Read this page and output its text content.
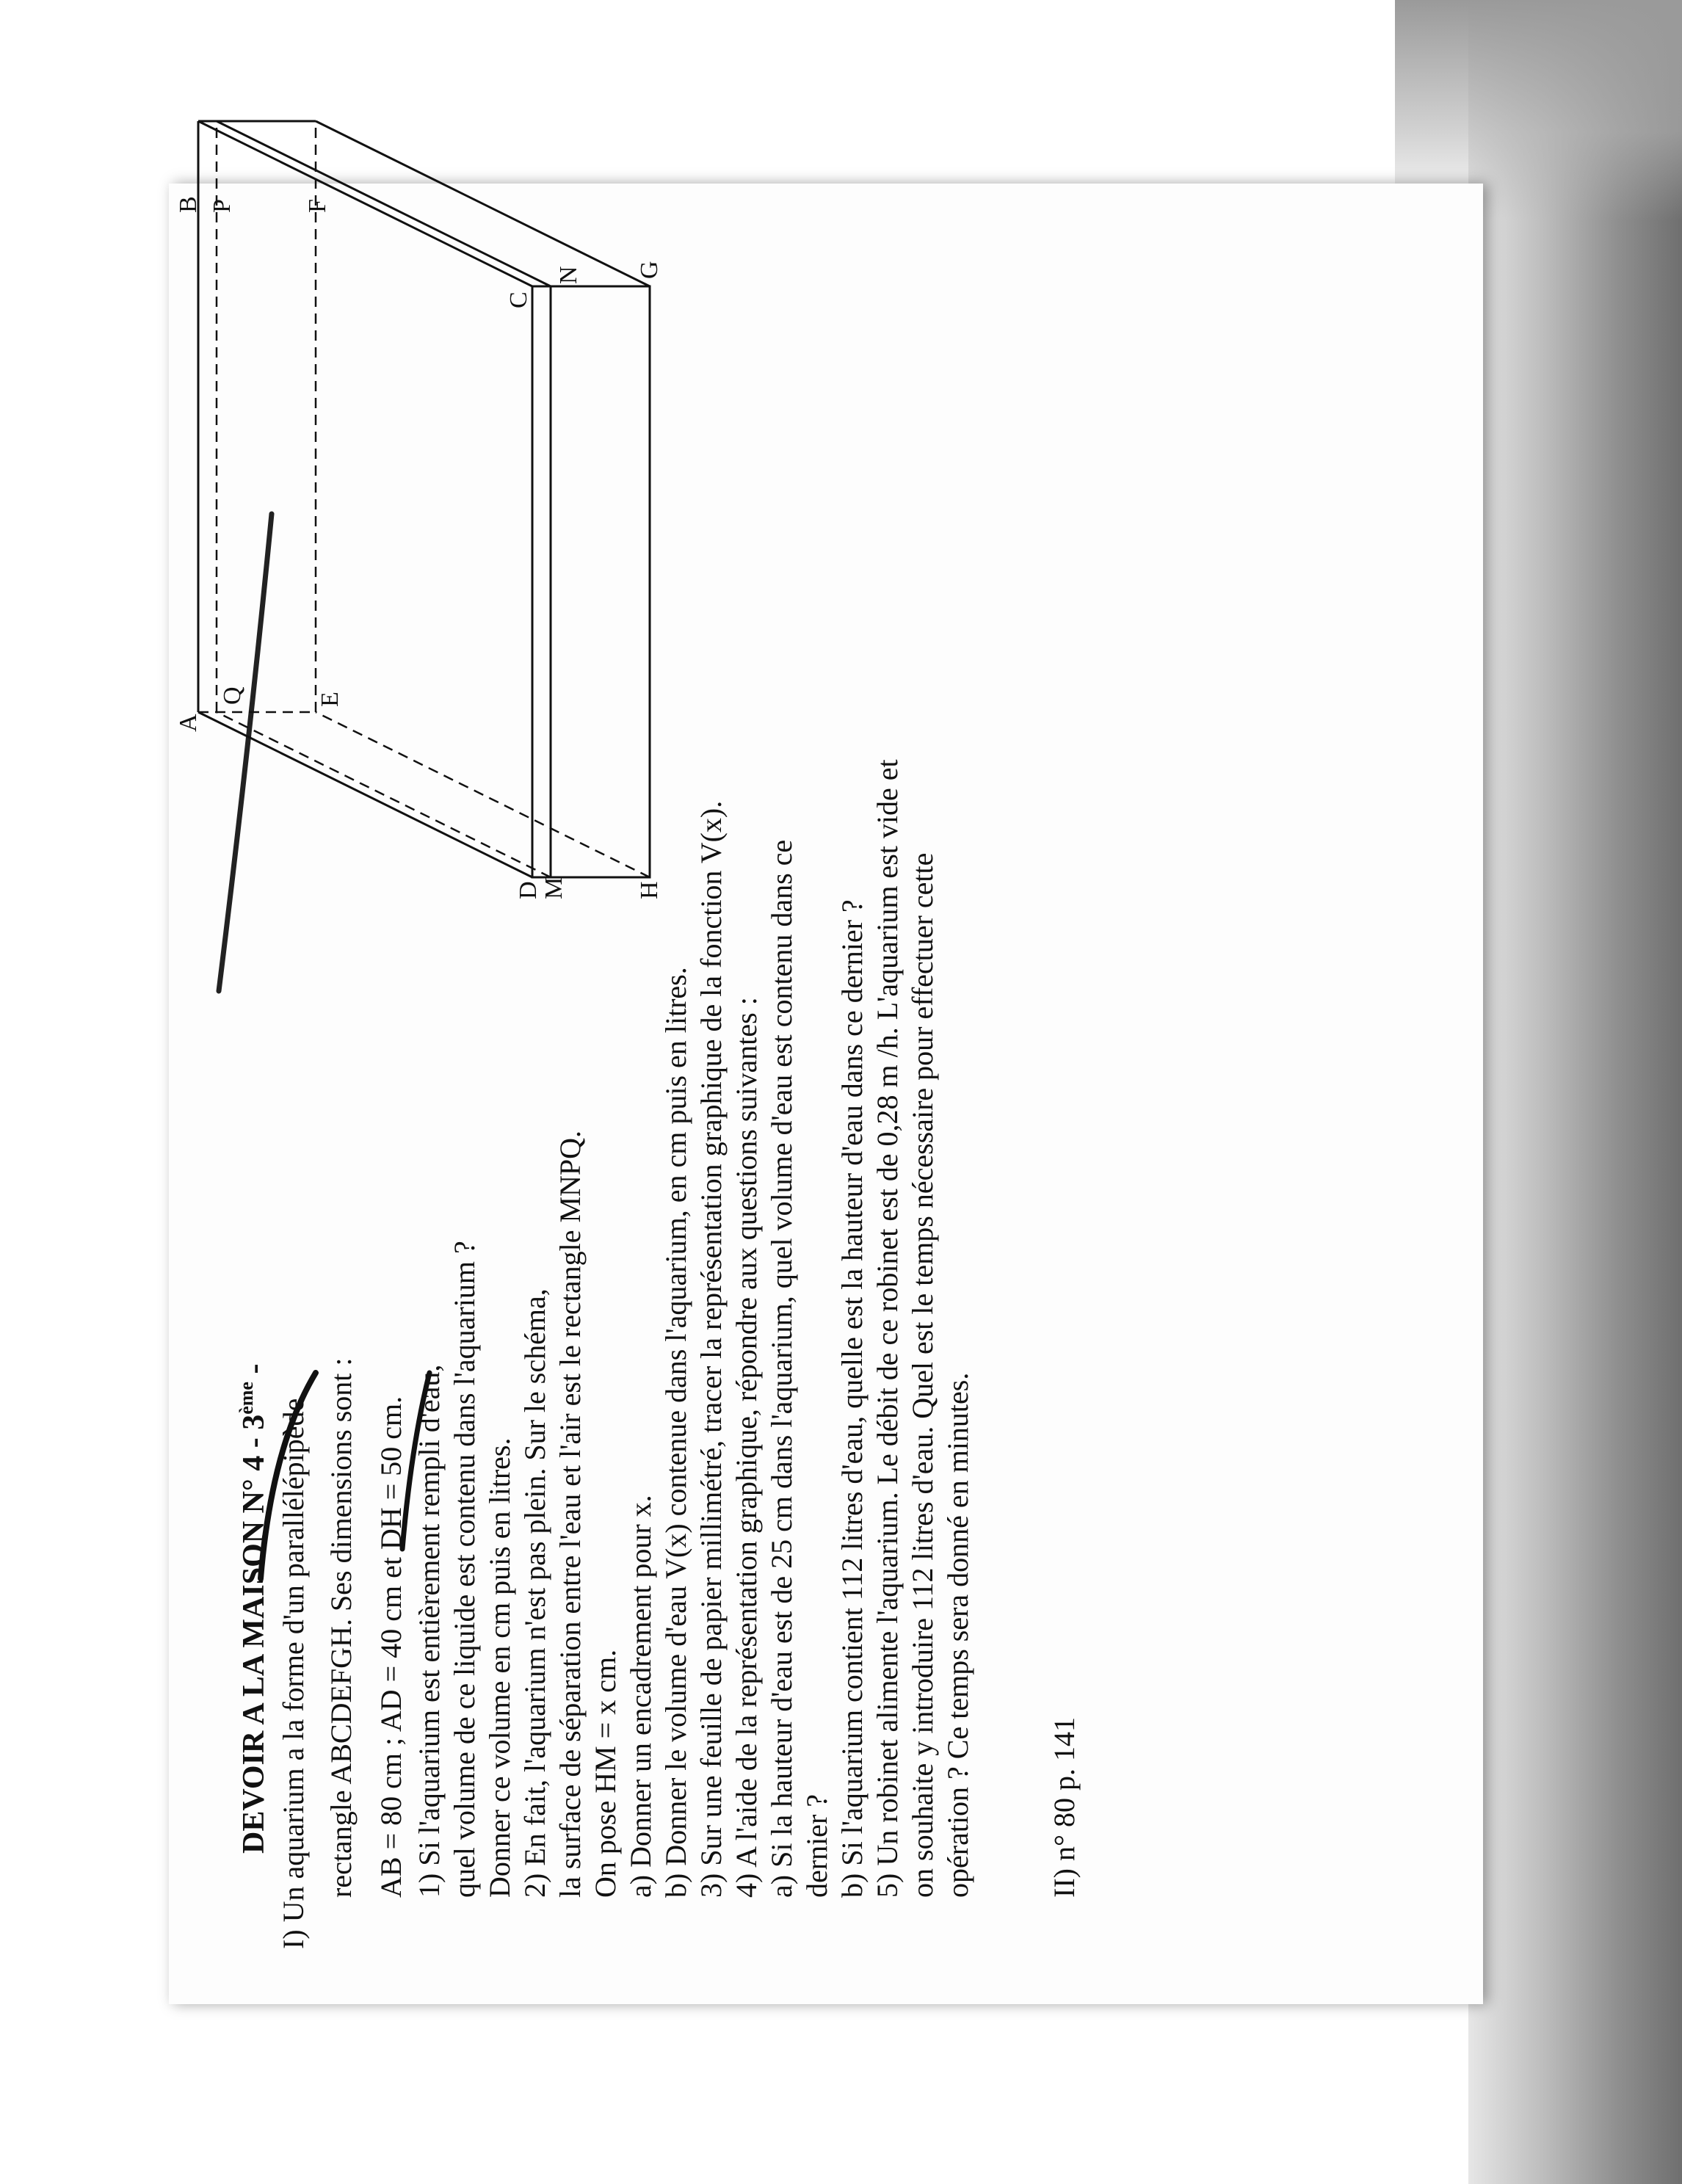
DEVOIR A LA MAISON N° 4 - 3ème -
I) Un aquarium a la forme d'un parallélépipède rectangle ABCDEFGH. Ses dimensions sont : AB = 80 cm ; AD = 40 cm et DH = 50 cm. 1) Si l'aquarium est entièrement rempli d'eau, quel volume de ce liquide est contenu dans l'aquarium ? Donner ce volume en cm puis en litres. 2) En fait, l'aquarium n'est pas plein. Sur le schéma, la surface de séparation entre l'eau et l'air est le rectangle MNPQ. On pose HM = x cm. a) Donner un encadrement pour x. b) Donner le volume d'eau V(x) contenue dans l'aquarium, en cm puis en litres. 3) Sur une feuille de papier millimétré, tracer la représentation graphique de la fonction V(x). 4) A l'aide de la représentation graphique, répondre aux questions suivantes : a) Si la hauteur d'eau est de 25 cm dans l'aquarium, quel volume d'eau est contenu dans ce dernier ? b) Si l'aquarium contient 112 litres d'eau, quelle est la hauteur d'eau dans ce dernier ? 5) Un robinet alimente l'aquarium. Le débit de ce robinet est de 0,28 m /h. L'aquarium est vide et on souhaite y introduire 112 litres d'eau. Quel est le temps nécessaire pour effectuer cette opération ? Ce temps sera donné en minutes.	II) n° 80 p. 141
D
M	H
A
Q	E
C
N G
B P	F
